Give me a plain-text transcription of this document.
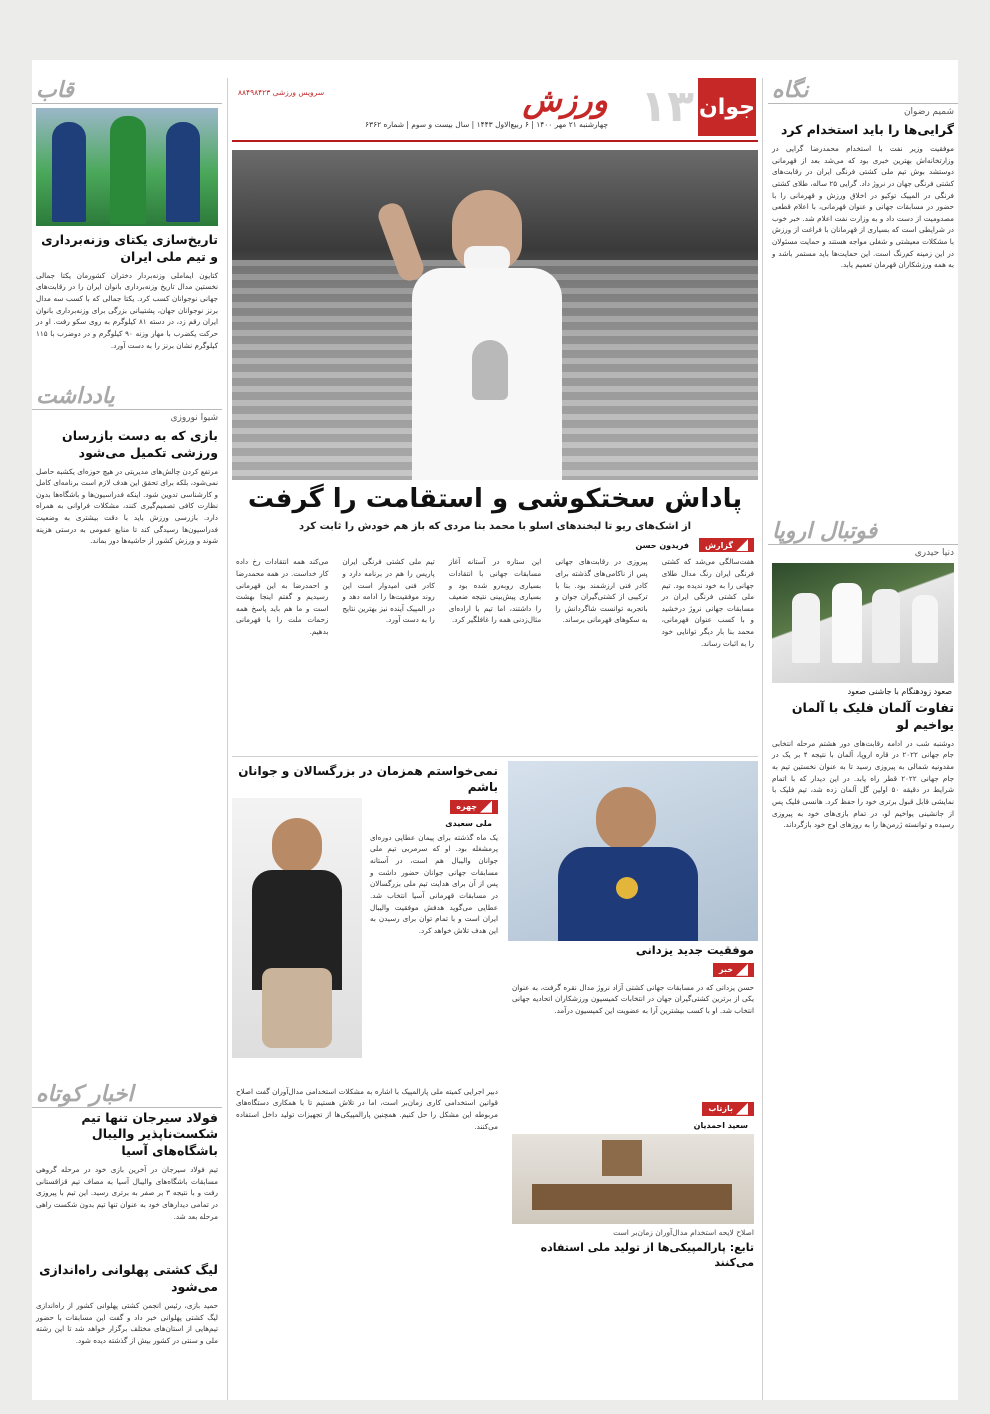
نگاه
شمیم رضوان
گرایی‌ها را باید استخدام کرد
موفقیت وزیر نفت با استخدام محمدرضا گرایی در وزارتخانه‌اش بهترین خبری بود که می‌شد بعد از قهرمانی دوستشد بوش تیم ملی کشتی فرنگی ایران در رقابت‌های کشتی فرنگی جهان در نروژ داد. گرایی ۲۵ ساله، طلای کشتی فرنگی در المپیک توکیو در اخلاق ورزش و قهرمانی را با حضور در مسابقات جهانی و عنوان قهرمانی، با اعلام قطعی مصدومیت از دست داد و به وزارت نفت اعلام شد. خبر خوب در شرایطی است که بسیاری از قهرمانان با فراغت از ورزش با مشکلات معیشتی و شغلی مواجه هستند و حمایت مسئولان در این زمینه کم‌رنگ است. این حمایت‌ها باید مستمر باشد و به همه ورزشکاران قهرمان تعمیم یابد.
فوتبال اروپا
دنیا حیدری
صعود زودهنگام با جاشنی صعود
تفاوت آلمان فلیک با آلمان یواخیم لو
دوشنبه شب در ادامه رقابت‌های دور هشتم مرحله انتخابی جام جهانی ۲۰۲۲ در قاره اروپا، آلمان با نتیجه ۴ بر یک در مقدونیه شمالی به پیروزی رسید تا به عنوان نخستین تیم به جام جهانی ۲۰۲۲ قطر راه یابد. در این دیدار که با اتمام شرایط در دقیقه ۵۰ اولین گل آلمان زده شد، تیم فلیک با نمایشی قابل قبول برتری خود را حفظ کرد. هانسی فلیک پس از جانشینی یواخیم لو، در تمام بازی‌های خود به پیروزی رسیده و توانسته ژرمن‌ها را به روزهای اوج خود بازگرداند.
قاب
تاریخ‌سازی یکتای وزنه‌برداری و تیم ملی ایران
کتایون ایماملی وزنه‌بردار دختران کشورمان یکتا جمالی نخستین مدال تاریخ وزنه‌برداری بانوان ایران را در رقابت‌های جهانی نوجوانان کسب کرد. یکتا جمالی که با کسب سه مدال برنز نوجوانان جهان، پشتیبانی بزرگی برای وزنه‌برداری بانوان ایران رقم زد، در دسته ۸۱ کیلوگرم به روی سکو رفت. او در حرکت یکضرب با مهار وزنه ۹۰ کیلوگرم و در دوضرب با ۱۱۵ کیلوگرم نشان برنز را به دست آورد.
یادداشت
شیوا نوروزی
بازی که به دست بازرسان ورزشی تکمیل می‌شود
مرتفع کردن چالش‌های مدیریتی در هیچ حوزه‌ای یکشبه حاصل نمی‌شود، بلکه برای تحقق این هدف لازم است برنامه‌ای کامل و کارشناسی تدوین شود. اینکه فدراسیون‌ها و باشگاه‌ها بدون نظارت کافی تصمیم‌گیری کنند، مشکلات فراوانی به همراه دارد. بازرسی ورزش باید با دقت بیشتری به وضعیت فدراسیون‌ها رسیدگی کند تا منابع عمومی به درستی هزینه شوند و ورزش کشور از حاشیه‌ها دور بماند.
اخبار کوتاه
فولاد سیرجان تنها تیم شکست‌ناپذیر والیبال باشگاه‌های آسیا
تیم فولاد سیرجان در آخرین بازی خود در مرحله گروهی مسابقات باشگاه‌های والیبال آسیا به مصاف تیم قزاقستانی رفت و با نتیجه ۳ بر صفر به برتری رسید. این تیم با پیروزی در تمامی دیدارهای خود به عنوان تنها تیم بدون شکست راهی مرحله بعد شد.
لیگ کشتی پهلوانی راه‌اندازی می‌شود
حمید بازی، رئیس انجمن کشتی پهلوانی کشور از راه‌اندازی لیگ کشتی پهلوانی خبر داد و گفت این مسابقات با حضور تیم‌هایی از استان‌های مختلف برگزار خواهد شد تا این رشته ملی و سنتی در کشور بیش از گذشته دیده شود.
جوان
۱۳
ورزش
سرویس ورزشی ۸۸۴۹۸۴۲۳
چهارشنبه ۲۱ مهر ۱۴۰۰ | ۶ ربیع‌الاول ۱۴۴۳ | سال بیست و سوم | شماره ۶۳۶۲
پاداش سختکوشی و استقامت را گرفت
از اشک‌های ریو تا لبخندهای اسلو با محمد بنا مردی که باز هم خودش را ثابت کرد
گزارش
فریدون حسن
هفت‌سالگی می‌شد که کشتی فرنگی ایران رنگ مدال طلای جهانی را به خود ندیده بود. تیم ملی کشتی فرنگی ایران در مسابقات جهانی نروژ درخشید و با کسب عنوان قهرمانی، محمد بنا بار دیگر توانایی خود را به اثبات رساند.
پیروزی در رقابت‌های جهانی پس از ناکامی‌های گذشته برای کادر فنی ارزشمند بود. بنا با ترکیبی از کشتی‌گیران جوان و باتجربه توانست شاگردانش را به سکوهای قهرمانی برساند.
این ستاره در آستانه آغاز مسابقات جهانی با انتقادات بسیاری روبه‌رو شده بود و بسیاری پیش‌بینی نتیجه ضعیف را داشتند، اما تیم با اراده‌ای مثال‌زدنی همه را غافلگیر کرد.
تیم ملی کشتی فرنگی ایران پاریس را هم در برنامه دارد و کادر فنی امیدوار است این روند موفقیت‌ها را ادامه دهد و در المپیک آینده نیز بهترین نتایج را به دست آورد.
می‌کند همه انتقادات رخ داده کار خداست. در همه محمدرضا و احمدرضا به این قهرمانی رسیدیم و گفتم اینجا بهشت است و ما هم باید پاسخ همه زحمات ملت را با قهرمانی بدهیم.
موفقیت جدید یزدانی
خبر
حسن یزدانی که در مسابقات جهانی کشتی آزاد نروژ مدال نقره گرفت، به عنوان یکی از برترین کشتی‌گیران جهان در انتخابات کمیسیون ورزشکاران اتحادیه جهانی انتخاب شد. او با کسب بیشترین آرا به عضویت این کمیسیون درآمد.
بازتاب
سعید احمدیان
اصلاح لایحه استخدام مدال‌آوران زمان‌بر است
تابع: پارالمپیکی‌ها از تولید ملی استفاده می‌کنند
نمی‌خواستم همزمان در بزرگسالان و جوانان باشم
چهره
ملی سعیدی
یک ماه گذشته برای پیمان عطایی دوره‌ای پرمشغله بود. او که سرمربی تیم ملی جوانان والیبال هم است، در آستانه مسابقات جهانی جوانان حضور داشت و پس از آن برای هدایت تیم ملی بزرگسالان در مسابقات قهرمانی آسیا انتخاب شد. عطایی می‌گوید هدفش موفقیت والیبال ایران است و با تمام توان برای رسیدن به این هدف تلاش خواهد کرد.
دبیر اجرایی کمیته ملی پارالمپیک با اشاره به مشکلات استخدامی مدال‌آوران گفت اصلاح قوانین استخدامی کاری زمان‌بر است، اما در تلاش هستیم تا با همکاری دستگاه‌های مربوطه این مشکل را حل کنیم. همچنین پارالمپیکی‌ها از تجهیزات تولید داخل استفاده می‌کنند.
